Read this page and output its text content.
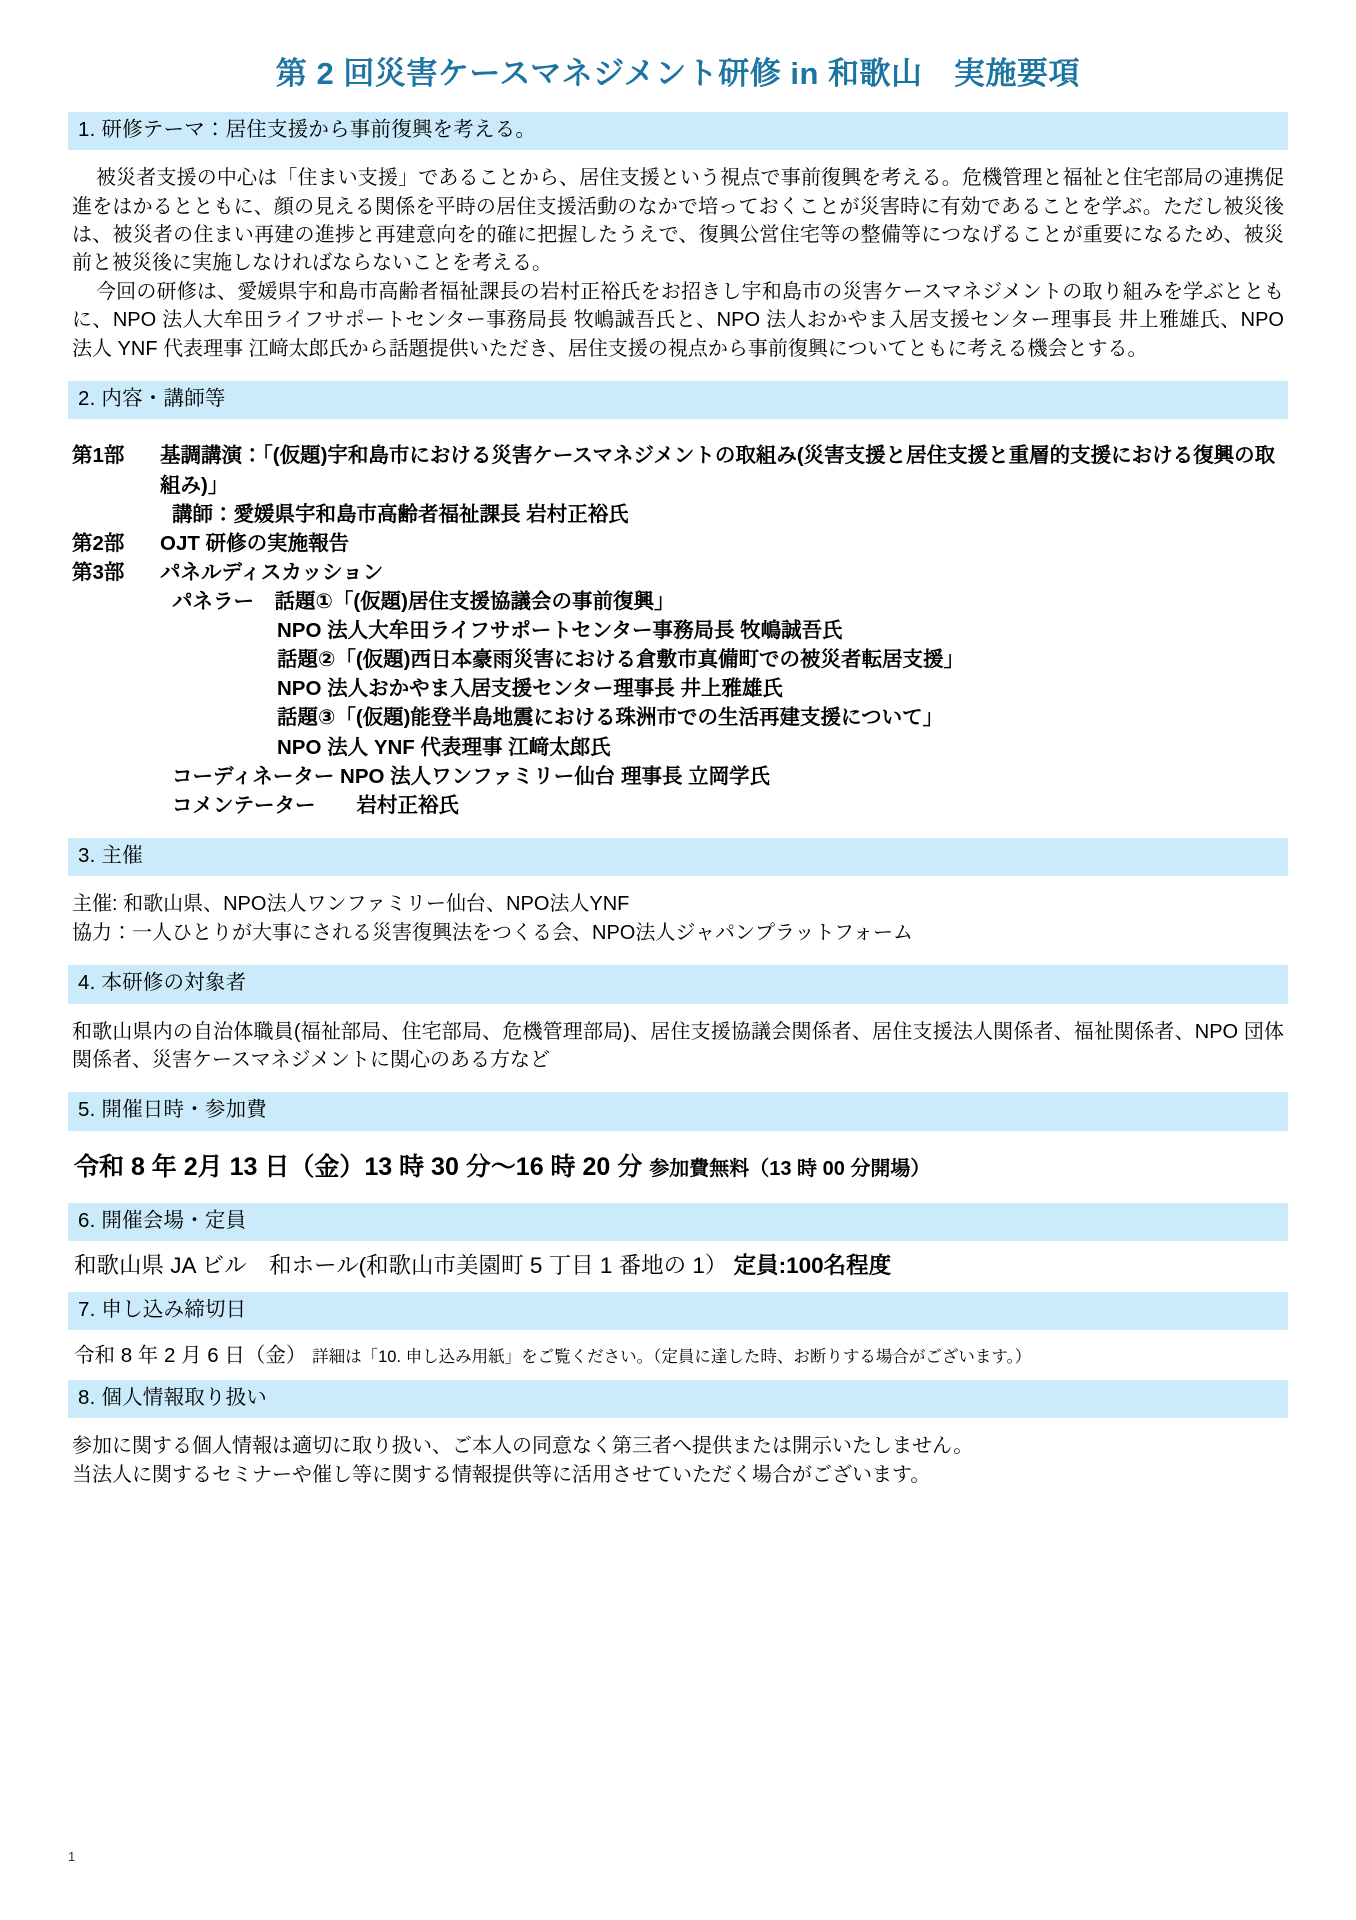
第 2 回災害ケースマネジメント研修 in 和歌山　実施要項
1. 研修テーマ：居住支援から事前復興を考える。

被災者支援の中心は「住まい支援」であることから、居住支援という視点で事前復興を考える。危機管理と福祉と住宅部局の連携促進をはかるとともに、顔の見える関係を平時の居住支援活動のなかで培っておくことが災害時に有効であることを学ぶ。ただし被災後は、被災者の住まい再建の進捗と再建意向を的確に把握したうえで、復興公営住宅等の整備等につなげることが重要になるため、被災前と被災後に実施しなければならないことを考える。

今回の研修は、愛媛県宇和島市高齢者福祉課長の岩村正裕氏をお招きし宇和島市の災害ケースマネジメントの取り組みを学ぶとともに、NPO 法人大牟田ライフサポートセンター事務局長 牧嶋誠吾氏と、NPO 法人おかやま入居支援センター理事長 井上雅雄氏、NPO 法人 YNF 代表理事 江﨑太郎氏から話題提供いただき、居住支援の視点から事前復興についてともに考える機会とする。

2. 内容・講師等
第1部	基調講演：「(仮題)宇和島市における災害ケースマネジメントの取組み(災害支援と居住支援と重層的支援における復興の取組み)」
講師：愛媛県宇和島市高齢者福祉課長 岩村正裕氏
第2部	OJT 研修の実施報告
第3部	パネルディスカッション
パネラー　話題①「(仮題)居住支援協議会の事前復興」
NPO 法人大牟田ライフサポートセンター事務局長 牧嶋誠吾氏
話題②「(仮題)西日本豪雨災害における倉敷市真備町での被災者転居支援」
NPO 法人おかやま入居支援センター理事長 井上雅雄氏
話題③「(仮題)能登半島地震における珠洲市での生活再建支援について」
NPO 法人 YNF 代表理事 江﨑太郎氏
コーディネーター NPO 法人ワンファミリー仙台 理事長 立岡学氏
コメンテーター　　岩村正裕氏
3. 主催

主催: 和歌山県、NPO法人ワンファミリー仙台、NPO法人YNF

協力：一人ひとりが大事にされる災害復興法をつくる会、NPO法人ジャパンプラットフォーム

4. 本研修の対象者

和歌山県内の自治体職員(福祉部局、住宅部局、危機管理部局)、居住支援協議会関係者、居住支援法人関係者、福祉関係者、NPO 団体関係者、災害ケースマネジメントに関心のある方など

5. 開催日時・参加費
令和 8 年 2月 13 日（金）13 時 30 分～16 時 20 分 参加費無料（13 時 00 分開場）
6. 開催会場・定員
和歌山県 JA ビル　和ホール(和歌山市美園町 5 丁目 1 番地の 1） 定員:100名程度
7. 申し込み締切日
令和 8 年 2 月 6 日（金） 詳細は「10. 申し込み用紙」をご覧ください。（定員に達した時、お断りする場合がございます。）
8. 個人情報取り扱い

参加に関する個人情報は適切に取り扱い、ご本人の同意なく第三者へ提供または開示いたしません。

当法人に関するセミナーや催し等に関する情報提供等に活用させていただく場合がございます。

1
